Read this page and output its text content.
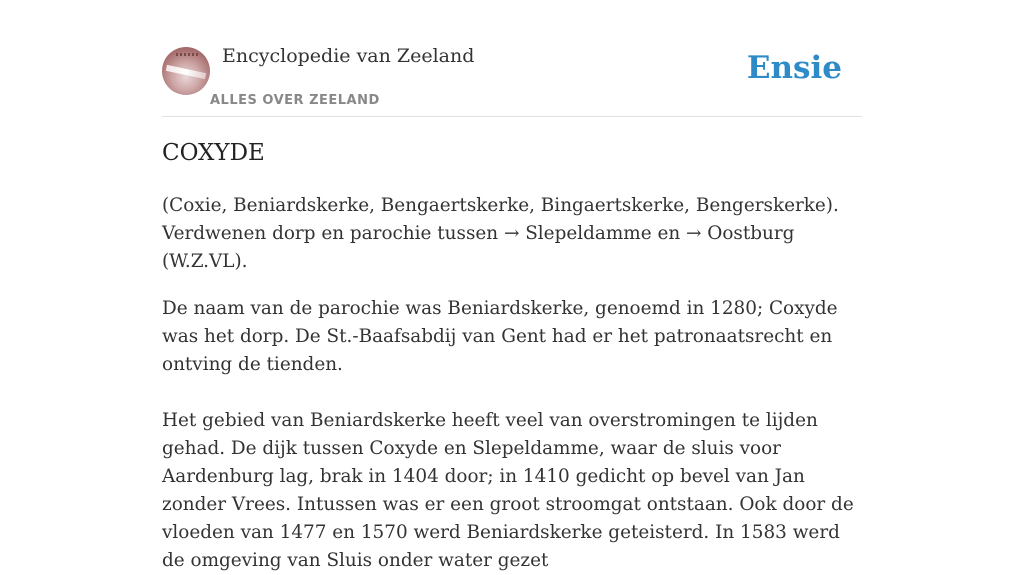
Encyclopedie van Zeeland
ALLES OVER ZEELAND
Ensie
COXYDE

(Coxie, Beniardskerke, Bengaertskerke, Bingaertskerke, Bengerskerke). Verdwenen dorp en parochie tussen → Slepeldamme en → Oostburg (W.Z.VL).

De naam van de parochie was Beniardskerke, genoemd in 1280; Coxyde was het dorp. De St.-Baafsabdij van Gent had er het patronaatsrecht en ontving de tienden.

Het gebied van Beniardskerke heeft veel van overstromingen te lijden gehad. De dijk tussen Coxyde en Slepeldamme, waar de sluis voor Aardenburg lag, brak in 1404 door; in 1410 gedicht op bevel van Jan zonder Vrees. Intussen was er een groot stroomgat ontstaan. Ook door de vloeden van 1477 en 1570 werd Beniardskerke geteisterd. In 1583 werd de omgeving van Sluis onder water gezet
